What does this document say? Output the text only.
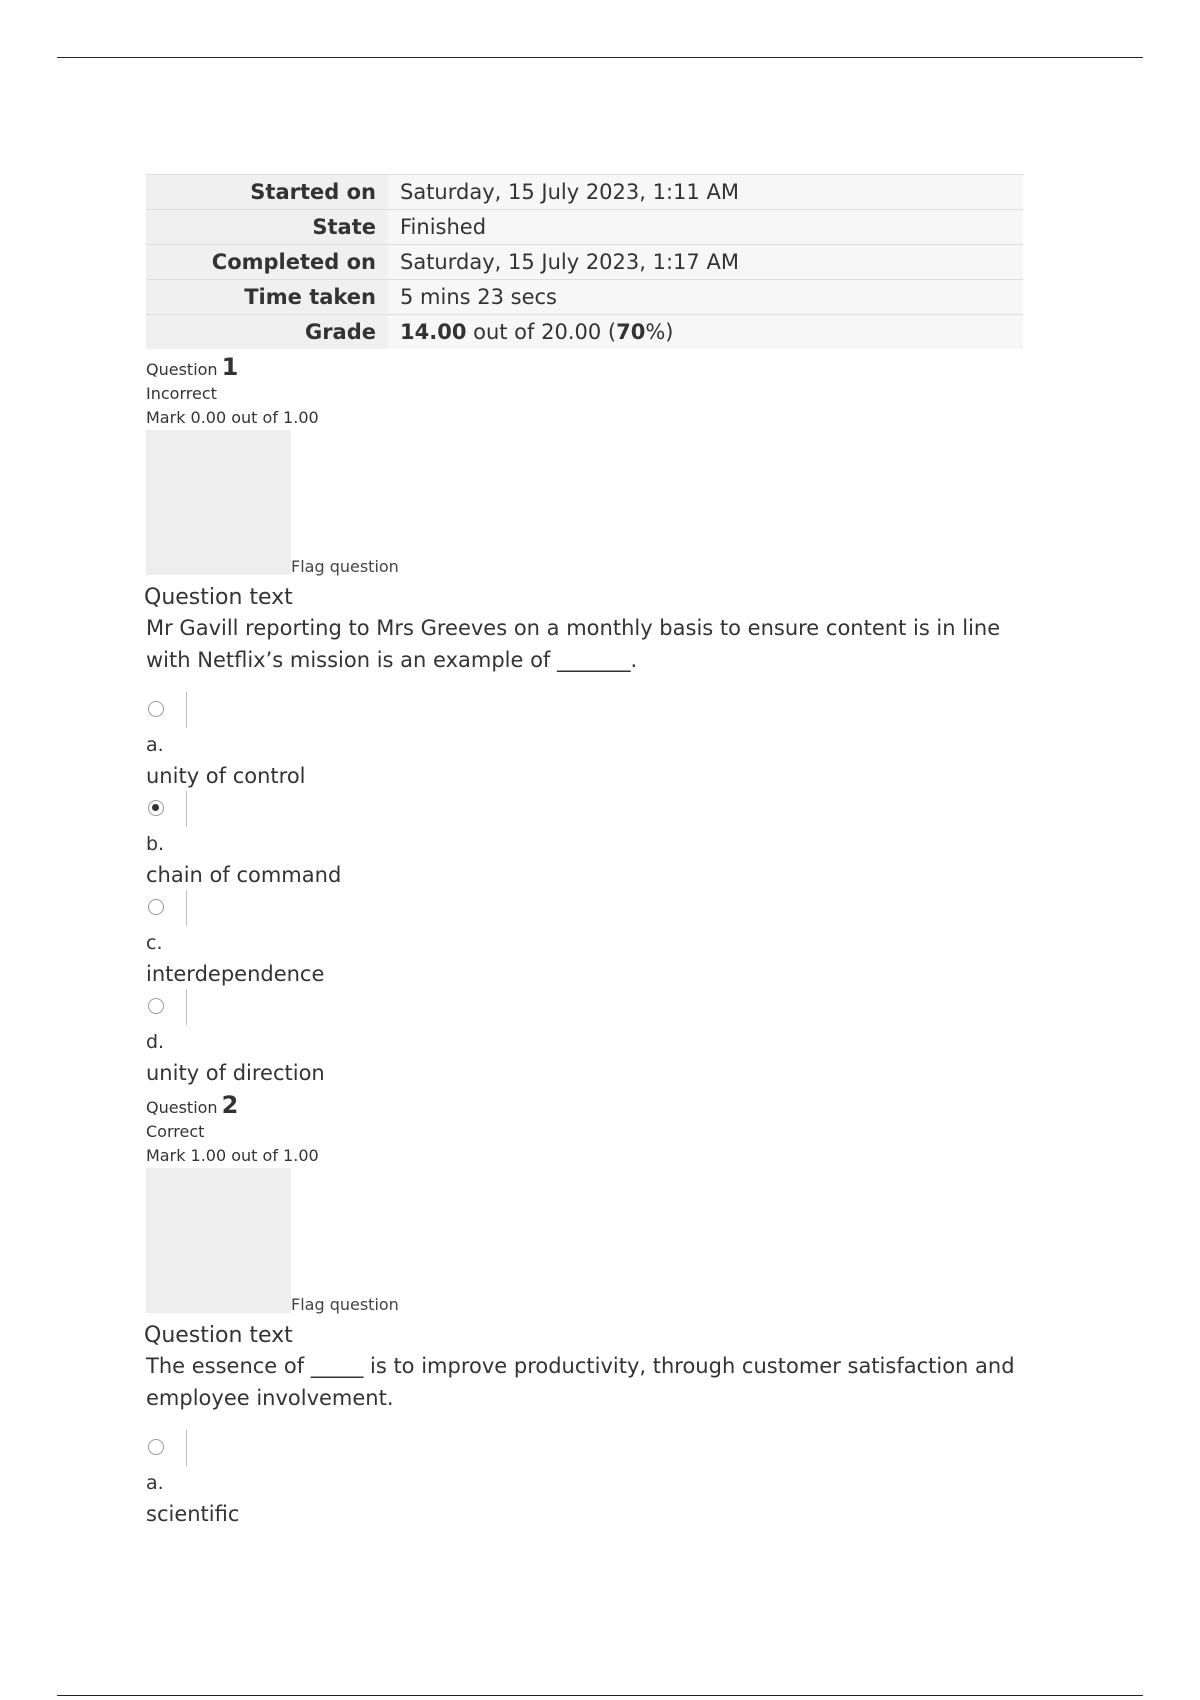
Started on	Saturday, 15 July 2023, 1:11 AM
State	Finished
Completed on	Saturday, 15 July 2023, 1:17 AM
Time taken	5 mins 23 secs
Grade	14.00 out of 20.00 (70%)
Question 1
Incorrect
Mark 0.00 out of 1.00
Flag question
Question text
Mr Gavill reporting to Mrs Greeves on a monthly basis to ensure content is in line with Netflix’s mission is an example of _______.
a.
unity of control
b.
chain of command
c.
interdependence
d.
unity of direction
Question 2
Correct
Mark 1.00 out of 1.00
Flag question
Question text
The essence of _____ is to improve productivity, through customer satisfaction and employee involvement.
a.
scientific
